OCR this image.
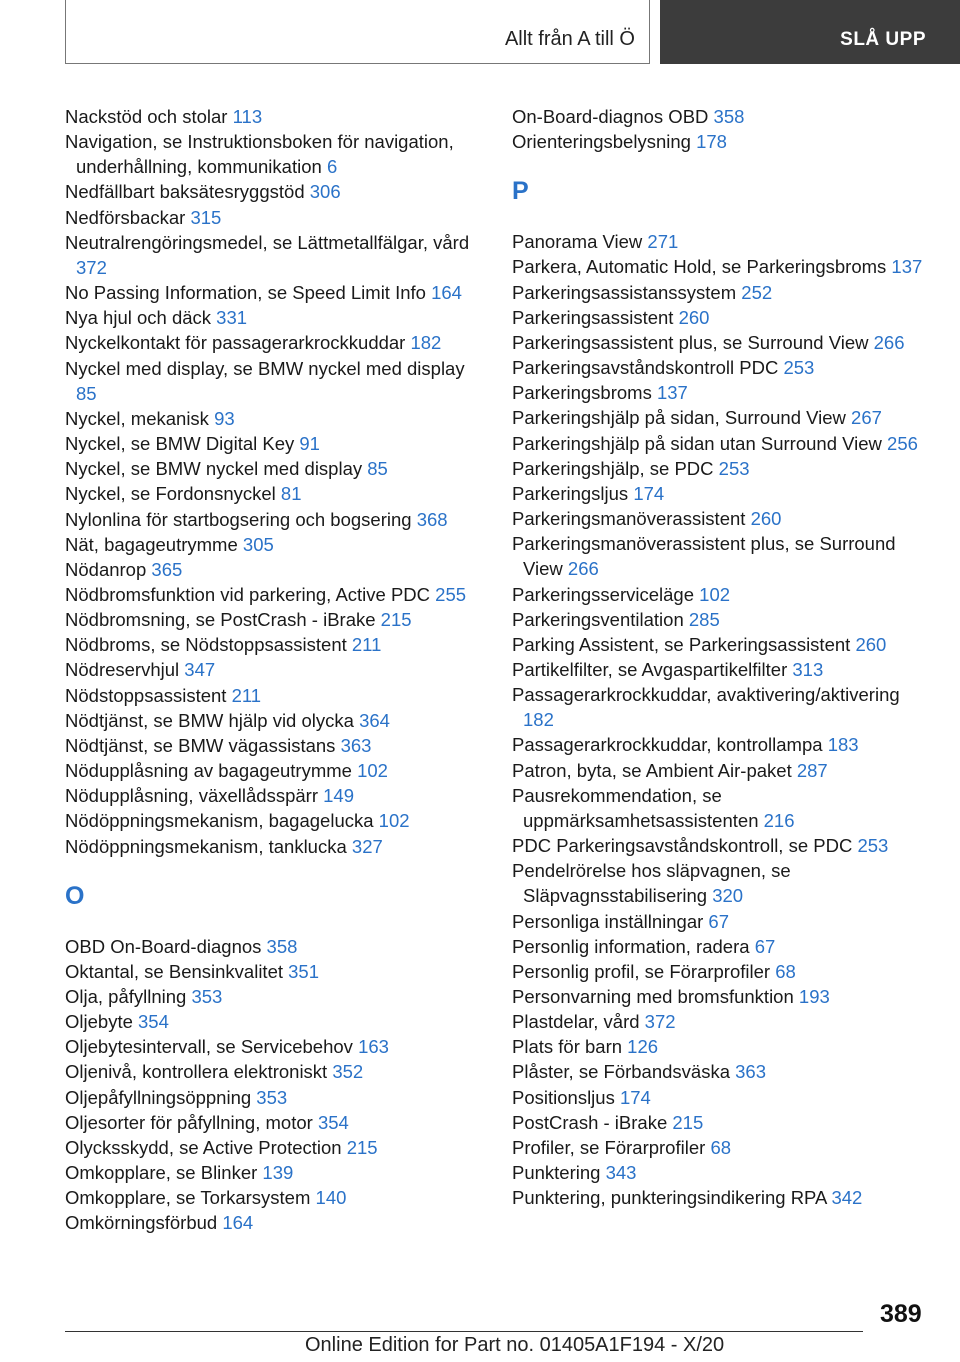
Allt från A till Ö	SLÅ UPP
Nackstöd och stolar 113
Navigation, se Instruktionsboken för navigation, underhållning, kommunikation 6
Nedfällbart baksätesryggstöd 306
Nedförsbackar 315
Neutralrengöringsmedel, se Lättmetallfälgar, vård 372
No Passing Information, se Speed Limit Info 164
Nya hjul och däck 331
Nyckelkontakt för passagerarkrockkuddar 182
Nyckel med display, se BMW nyckel med display 85
Nyckel, mekanisk 93
Nyckel, se BMW Digital Key 91
Nyckel, se BMW nyckel med display 85
Nyckel, se Fordonsnyckel 81
Nylonlina för startbogsering och bogsering 368
Nät, bagageutrymme 305
Nödanrop 365
Nödbromsfunktion vid parkering, Active PDC 255
Nödbromsning, se PostCrash - iBrake 215
Nödbroms, se Nödstoppsassistent 211
Nödreservhjul 347
Nödstoppsassistent 211
Nödtjänst, se BMW hjälp vid olycka 364
Nödtjänst, se BMW vägassistans 363
Nödupplåsning av bagageutrymme 102
Nödupplåsning, växellådsspärr 149
Nödöppningsmekanism, bagagelucka 102
Nödöppningsmekanism, tanklucka 327
O
OBD On-Board-diagnos 358
Oktantal, se Bensinkvalitet 351
Olja, påfyllning 353
Oljebyte 354
Oljebytesintervall, se Servicebehov 163
Oljenivå, kontrollera elektroniskt 352
Oljepåfyllningsöppning 353
Oljesorter för påfyllning, motor 354
Olycksskydd, se Active Protection 215
Omkopplare, se Blinker 139
Omkopplare, se Torkarsystem 140
Omkörningsförbud 164
On-Board-diagnos OBD 358
Orienteringsbelysning 178
P
Panorama View 271
Parkera, Automatic Hold, se Parkeringsbroms 137
Parkeringsassistanssystem 252
Parkeringsassistent 260
Parkeringsassistent plus, se Surround View 266
Parkeringsavståndskontroll PDC 253
Parkeringsbroms 137
Parkeringshjälp på sidan, Surround View 267
Parkeringshjälp på sidan utan Surround View 256
Parkeringshjälp, se PDC 253
Parkeringsljus 174
Parkeringsmanöverassistent 260
Parkeringsmanöverassistent plus, se Surround View 266
Parkeringsserviceläge 102
Parkeringsventilation 285
Parking Assistent, se Parkeringsassistent 260
Partikelfilter, se Avgaspartikelfilter 313
Passagerarkrockkuddar, avaktivering/aktivering 182
Passagerarkrockkuddar, kontrollampa 183
Patron, byta, se Ambient Air-paket 287
Pausrekommendation, se uppmärksamhetsassistenten 216
PDC Parkeringsavståndskontroll, se PDC 253
Pendelrörelse hos släpvagnen, se Släpvagnsstabilisering 320
Personliga inställningar 67
Personlig information, radera 67
Personlig profil, se Förarprofiler 68
Personvarning med bromsfunktion 193
Plastdelar, vård 372
Plats för barn 126
Plåster, se Förbandsväska 363
Positionsljus 174
PostCrash - iBrake 215
Profiler, se Förarprofiler 68
Punktering 343
Punktering, punkteringsindikering RPA 342
389
Online Edition for Part no. 01405A1F194 - X/20
